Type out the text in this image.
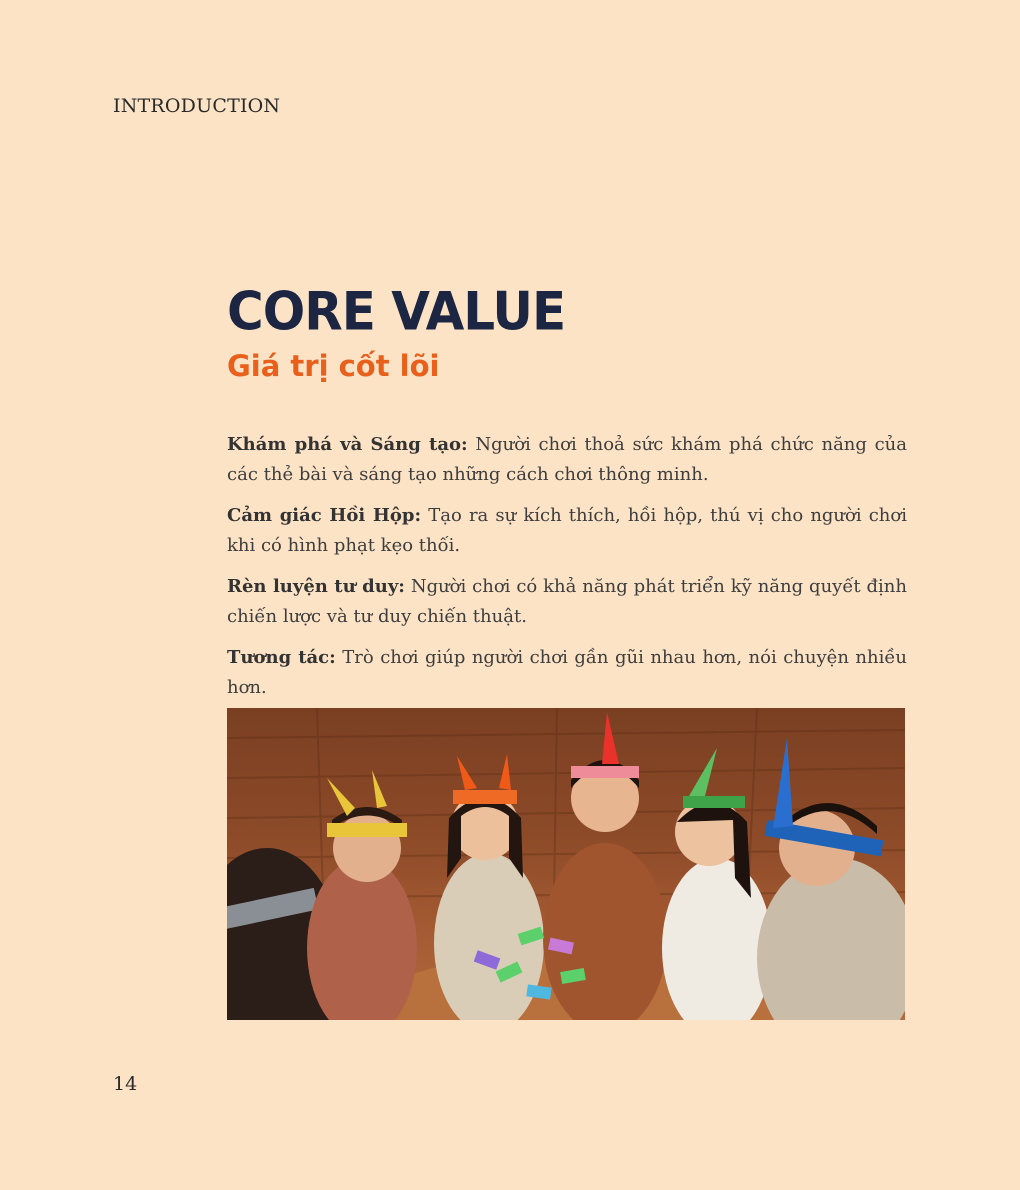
INTRODUCTION
CORE VALUE
Giá trị cốt lõi

Khám phá và Sáng tạo: Người chơi thoả sức khám phá chức năng của các thẻ bài và sáng tạo những cách chơi thông minh.

Cảm giác Hồi Hộp: Tạo ra sự kích thích, hồi hộp, thú vị cho người chơi khi có hình phạt kẹo thối.

Rèn luyện tư duy: Người chơi có khả năng phát triển kỹ năng quyết định chiến lược và tư duy chiến thuật.

Tương tác: Trò chơi giúp người chơi gần gũi nhau hơn, nói chuyện nhiều hơn.

14
